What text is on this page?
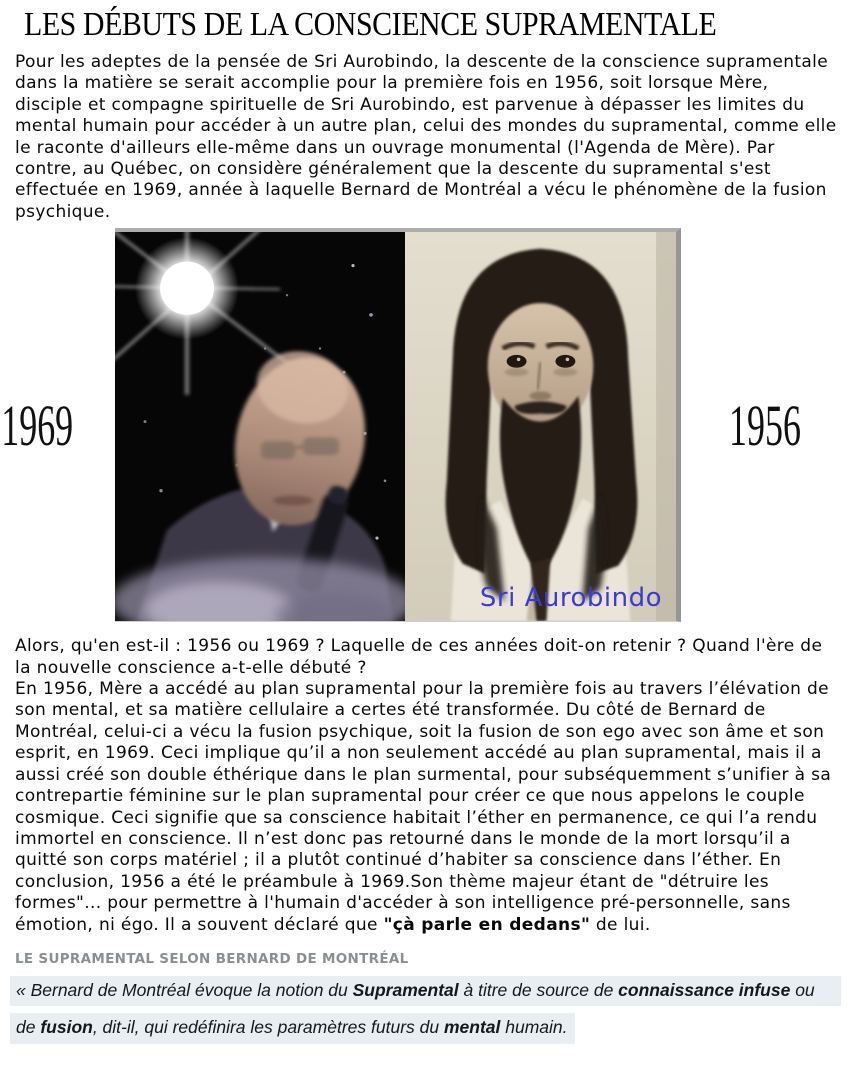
LES DÉBUTS DE LA CONSCIENCE SUPRAMENTALE

Pour les adeptes de la pensée de Sri Aurobindo, la descente de la conscience supramentale dans la matière se serait accomplie pour la première fois en 1956, soit lorsque Mère, disciple et compagne spirituelle de Sri Aurobindo, est parvenue à dépasser les limites du mental humain pour accéder à un autre plan, celui des mondes du supramental, comme elle le raconte d'ailleurs elle-même dans un ouvrage monumental (l'Agenda de Mère). Par contre, au Québec, on considère généralement que la descente du supramental s'est effectuée en 1969, année à laquelle Bernard de Montréal a vécu le phénomène de la fusion psychique.

1969
Sri Aurobindo
1956

Alors, qu'en est-il : 1956 ou 1969 ? Laquelle de ces années doit-on retenir ? Quand l'ère de la nouvelle conscience a-t-elle débuté ?
En 1956, Mère a accédé au plan supramental pour la première fois au travers l’élévation de son mental, et sa matière cellulaire a certes été transformée. Du côté de Bernard de Montréal, celui-ci a vécu la fusion psychique, soit la fusion de son ego avec son âme et son esprit, en 1969. Ceci implique qu’il a non seulement accédé au plan supramental, mais il a aussi créé son double éthérique dans le plan surmental, pour subséquemment s’unifier à sa contrepartie féminine sur le plan supramental pour créer ce que nous appelons le couple cosmique. Ceci signifie que sa conscience habitait l’éther en permanence, ce qui l’a rendu immortel en conscience. Il n’est donc pas retourné dans le monde de la mort lorsqu’il a quitté son corps matériel ; il a plutôt continué d’habiter sa conscience dans l’éther. En conclusion, 1956 a été le préambule à 1969.Son thème majeur étant de "détruire les formes"... pour permettre à l'humain d'accéder à son intelligence pré-personnelle, sans émotion, ni égo. Il a souvent déclaré que "çà parle en dedans" de lui.

LE SUPRAMENTAL SELON BERNARD DE MONTRÉAL
« Bernard de Montréal évoque la notion du Supramental à titre de source de connaissance infuse ou
de fusion, dit-il, qui redéfinira les paramètres futurs du mental humain.
